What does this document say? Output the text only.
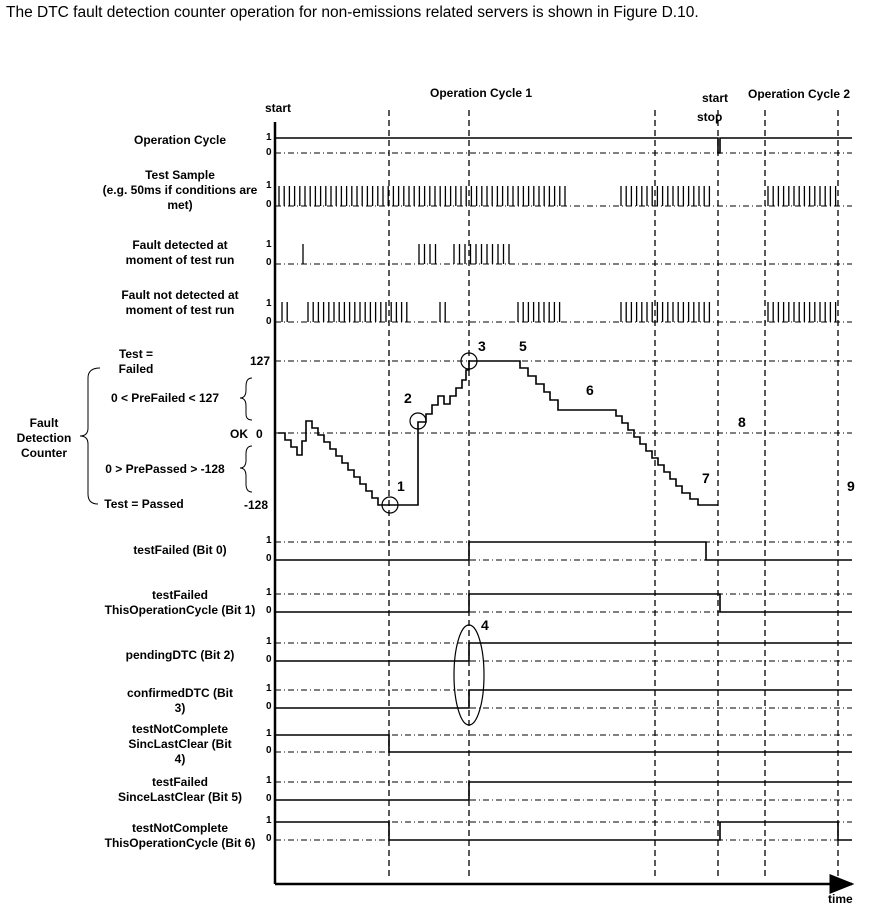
The DTC fault detection counter operation for non-emissions related servers is shown in Figure D.10.
start
Operation Cycle 1	start
stop
Operation Cycle 2
time
Operation Cycle
Test Sample
(e.g. 50ms if conditions are
met)
Fault detected at
moment of test run
Fault not detected at
moment of test run
testFailed (Bit 0)
testFailed
ThisOperationCycle (Bit 1)
pendingDTC (Bit 2)
confirmedDTC (Bit
3)
testNotComplete
SincLastClear (Bit
4)
testFailed
SinceLastClear (Bit 5)
testNotComplete
ThisOperationCycle (Bit 6)
Test =
Failed
0 < PreFailed < 127
Fault
Detection
Counter
0 > PrePassed > -128
Test = Passed
127
OK 0
-128
1
0
1
0
1
0
1
0
1
0
1
0
1
0
1
0
1
0
1
0
1
0
1
2
3
4
5
6
7
8
9
